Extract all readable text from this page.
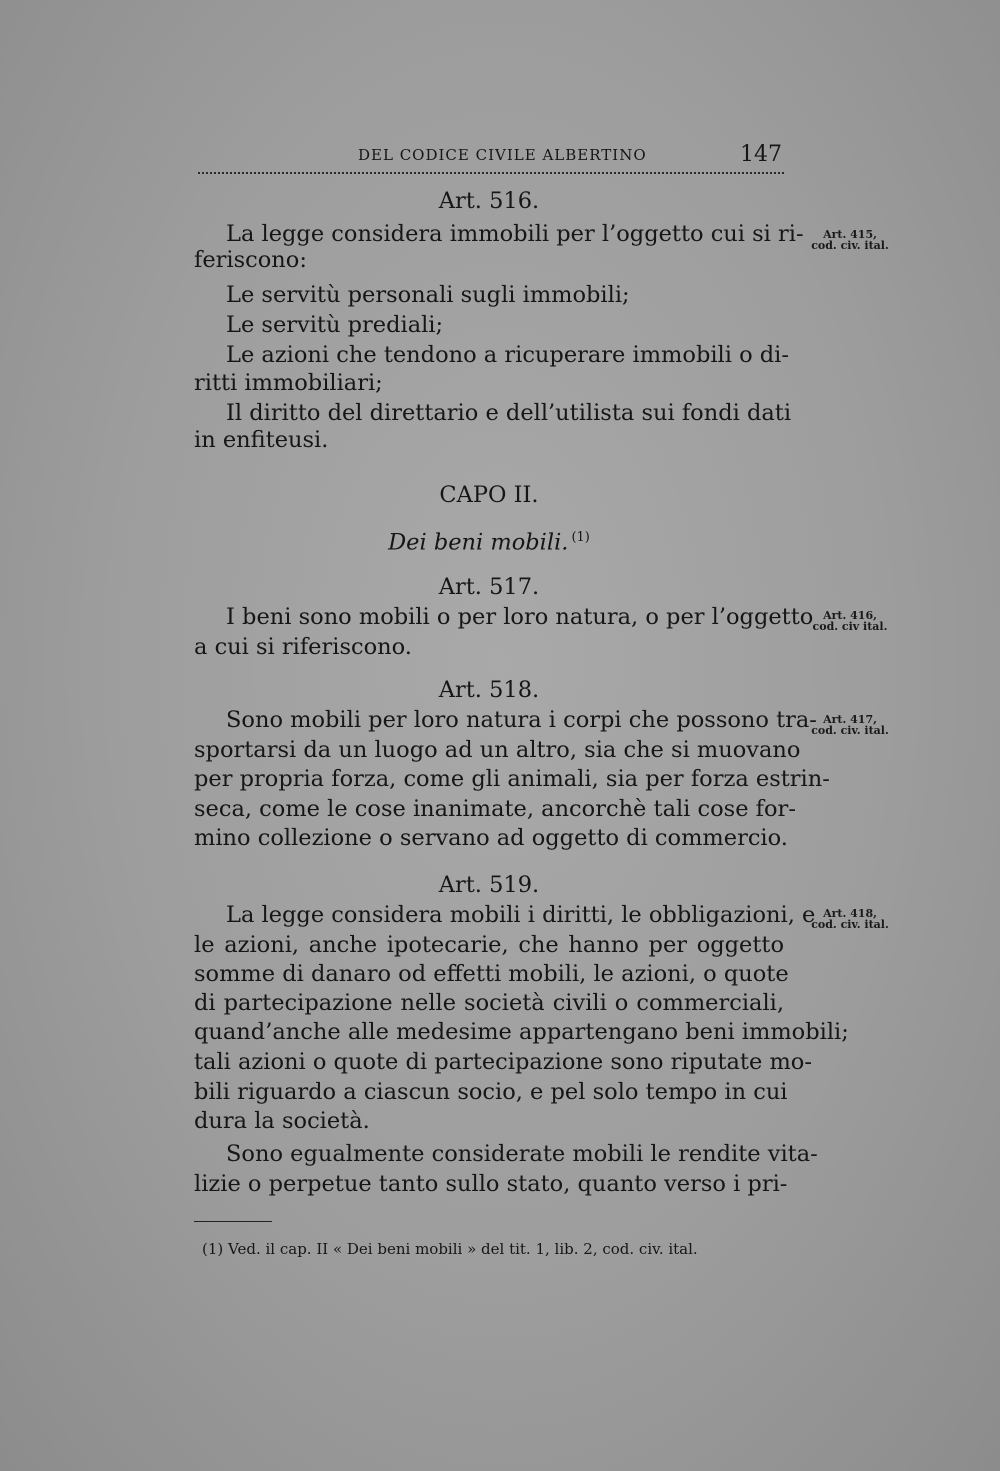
DEL CODICE CIVILE ALBERTINO	147
Art. 516.
La legge considera immobili per l’oggetto cui si ri-
feriscono:
Le servitù personali sugli immobili;
Le servitù prediali;
Le azioni che tendono a ricuperare immobili o di-
ritti immobiliari;
Il diritto del direttario e dell’utilista sui fondi dati
in enfiteusi.
Art. 415,
cod. civ. ital.
CAPO II.
Dei beni mobili. $^{(1)}$
Art. 517.
I beni sono mobili o per loro natura, o per l’oggetto
a cui si riferiscono.
Art. 416,
cod. civ ital.
Art. 518.
Sono mobili per loro natura i corpi che possono tra-
sportarsi da un luogo ad un altro, sia che si muovano
per propria forza, come gli animali, sia per forza estrin-
seca, come le cose inanimate, ancorchè tali cose for-
mino collezione o servano ad oggetto di commercio.
Art. 417,
cod. civ. ital.
Art. 519.
La legge considera mobili i diritti, le obbligazioni, e
le azioni, anche ipotecarie, che hanno per oggetto
somme di danaro od effetti mobili, le azioni, o quote
di partecipazione nelle società civili o commerciali,
quand’anche alle medesime appartengano beni immobili;
tali azioni o quote di partecipazione sono riputate mo-
bili riguardo a ciascun socio, e pel solo tempo in cui
dura la società.
Sono egualmente considerate mobili le rendite vita-
lizie o perpetue tanto sullo stato, quanto verso i pri-
Art. 418,
cod. civ. ital.
(1) Ved. il cap. II « Dei beni mobili » del tit. 1, lib. 2, cod. civ. ital.
